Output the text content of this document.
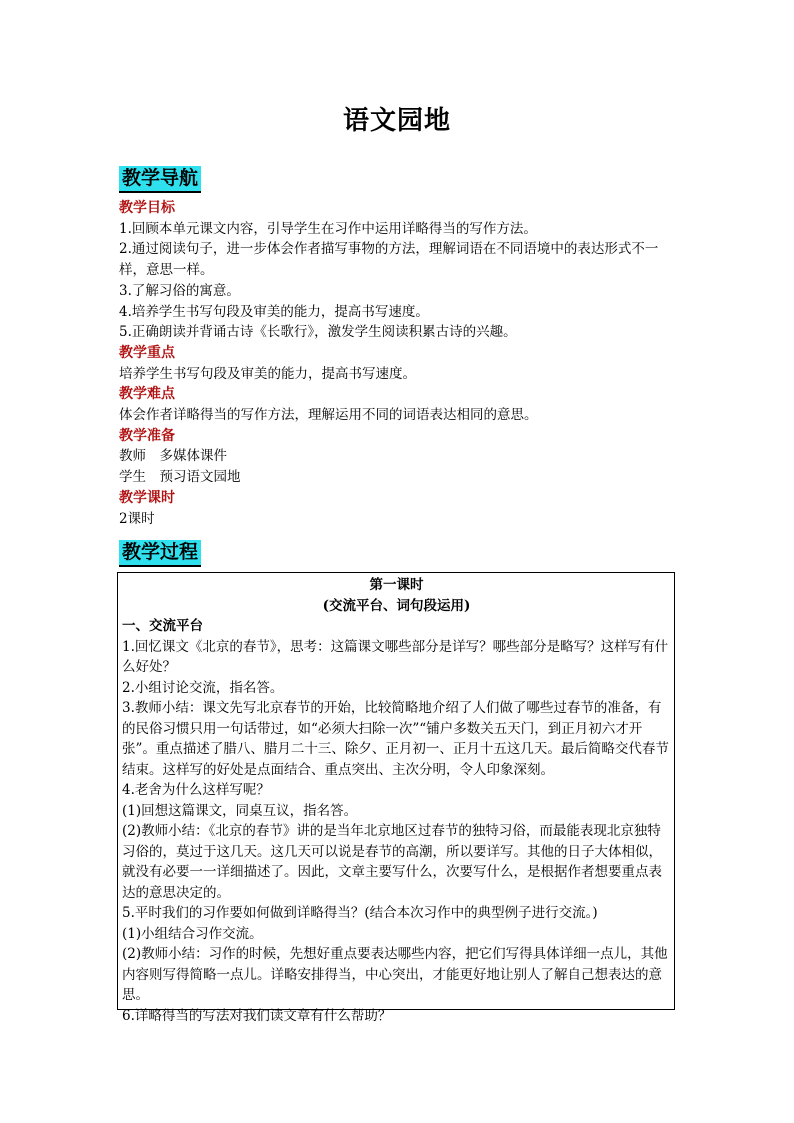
语文园地
教学导航

教学目标

1.回顾本单元课文内容，引导学生在习作中运用详略得当的写作方法。

2.通过阅读句子，进一步体会作者描写事物的方法，理解词语在不同语境中的表达形式不一样，意思一样。

3.了解习俗的寓意。

4.培养学生书写句段及审美的能力，提高书写速度。

5.正确朗读并背诵古诗《长歌行》，激发学生阅读积累古诗的兴趣。

教学重点

培养学生书写句段及审美的能力，提高书写速度。

教学难点

体会作者详略得当的写作方法，理解运用不同的词语表达相同的意思。

教学准备

教师　多媒体课件

学生　预习语文园地

教学课时

2课时

教学过程

第一课时

(交流平台、词句段运用)

一、交流平台

1.回忆课文《北京的春节》，思考：这篇课文哪些部分是详写？哪些部分是略写？这样写有什么好处？

2.小组讨论交流，指名答。

3.教师小结：课文先写北京春节的开始，比较简略地介绍了人们做了哪些过春节的准备，有的民俗习惯只用一句话带过，如“必须大扫除一次”“铺户多数关五天门，到正月初六才开张”。重点描述了腊八、腊月二十三、除夕、正月初一、正月十五这几天。最后简略交代春节结束。这样写的好处是点面结合、重点突出、主次分明，令人印象深刻。

4.老舍为什么这样写呢？

(1)回想这篇课文，同桌互议，指名答。

(2)教师小结：《北京的春节》讲的是当年北京地区过春节的独特习俗，而最能表现北京独特习俗的，莫过于这几天。这几天可以说是春节的高潮，所以要详写。其他的日子大体相似，就没有必要一一详细描述了。因此，文章主要写什么，次要写什么，是根据作者想要重点表达的意思决定的。

5.平时我们的习作要如何做到详略得当？(结合本次习作中的典型例子进行交流。)

(1)小组结合习作交流。

(2)教师小结：习作的时候，先想好重点要表达哪些内容，把它们写得具体详细一点儿，其他内容则写得简略一点儿。详略安排得当，中心突出，才能更好地让别人了解自己想表达的意思。

6.详略得当的写法对我们读文章有什么帮助？
